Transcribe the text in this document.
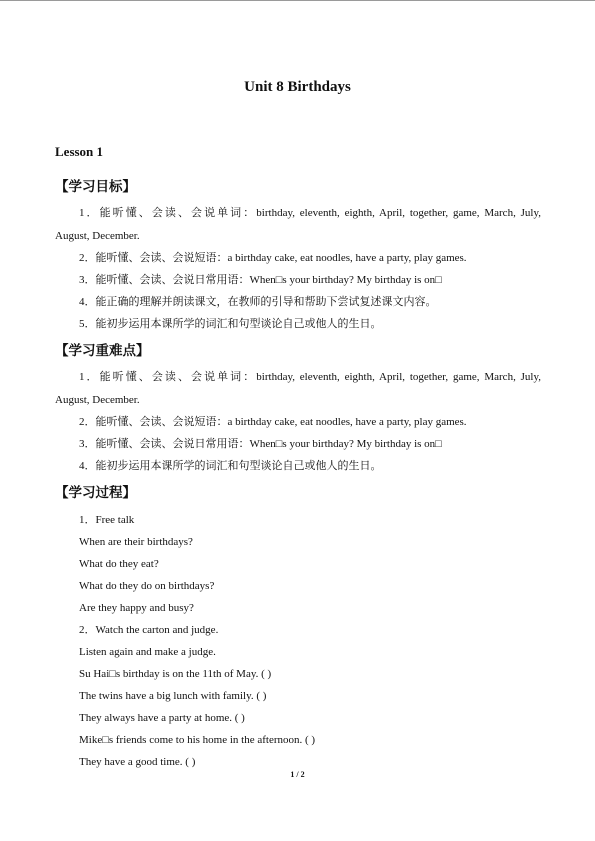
Unit 8 Birthdays
Lesson 1
【学习目标】
1．能听懂、会读、会说单词：birthday, eleventh, eighth, April, together, game, March, July,
August, December.
2．能听懂、会读、会说短语：a birthday cake, eat noodles, have a party, play games.
3．能听懂、会读、会说日常用语：When□s your birthday? My birthday is on□
4．能正确的理解并朗读课文，在教师的引导和帮助下尝试复述课文内容。
5．能初步运用本课所学的词汇和句型谈论自己或他人的生日。
【学习重难点】
1．能听懂、会读、会说单词：birthday, eleventh, eighth, April, together, game, March, July,
August, December.
2．能听懂、会读、会说短语：a birthday cake, eat noodles, have a party, play games.
3．能听懂、会读、会说日常用语：When□s your birthday? My birthday is on□
4．能初步运用本课所学的词汇和句型谈论自己或他人的生日。
【学习过程】
1．Free talk
When are their birthdays?
What do they eat?
What do they do on birthdays?
Are they happy and busy?
2．Watch the carton and judge.
Listen again and make a judge.
Su Hai□s birthday is on the 11th of May. ( )
The twins have a big lunch with family. ( )
They always have a party at home. ( )
Mike□s friends come to his home in the afternoon. ( )
They have a good time. ( )
1 / 2
